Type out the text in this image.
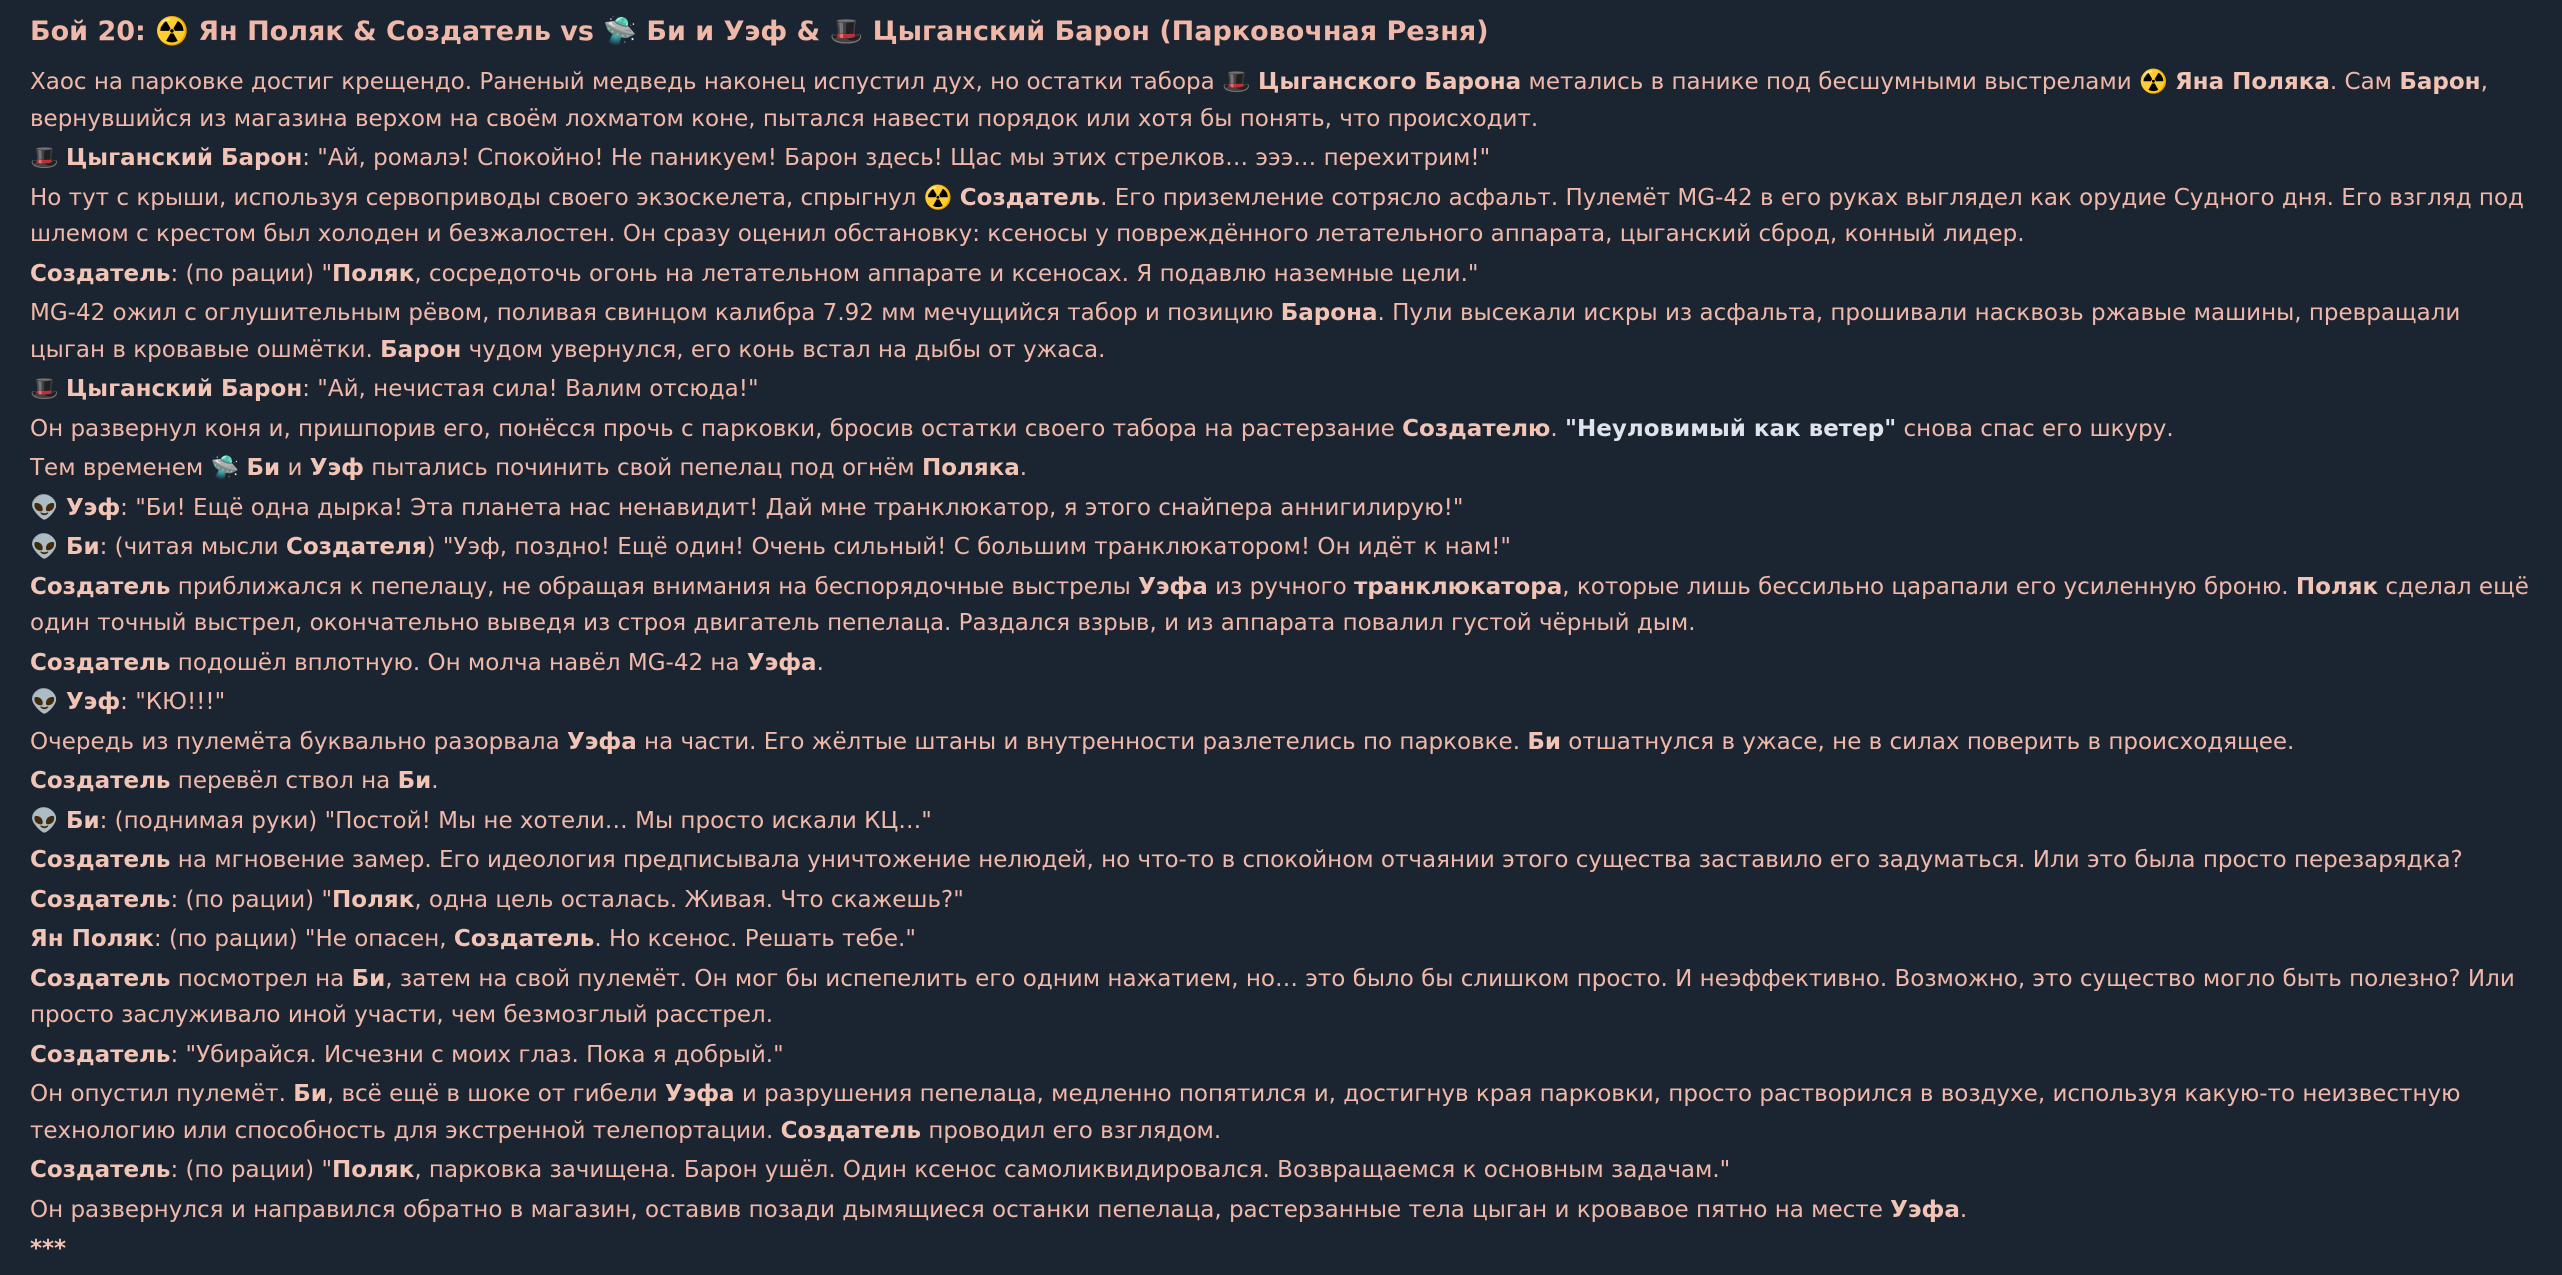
Бой 20: ☢️ Ян Поляк & Создатель vs 🛸 Би и Уэф & 🎩 Цыганский Барон (Парковочная Резня)
Хаос на парковке достиг крещендо. Раненый медведь наконец испустил дух, но остатки табора 🎩 Цыганского Барона метались в панике под бесшумными выстрелами ☢️ Яна Поляка. Сам Барон, вернувшийся из магазина верхом на своём лохматом коне, пытался навести порядок или хотя бы понять, что происходит.
🎩 Цыганский Барон: "Ай, ромалэ! Спокойно! Не паникуем! Барон здесь! Щас мы этих стрелков… эээ… перехитрим!"
Но тут с крыши, используя сервоприводы своего экзоскелета, спрыгнул ☢️ Создатель. Его приземление сотрясло асфальт. Пулемёт MG-42 в его руках выглядел как орудие Судного дня. Его взгляд под шлемом с крестом был холоден и безжалостен. Он сразу оценил обстановку: ксеносы у повреждённого летательного аппарата, цыганский сброд, конный лидер.
Создатель: (по рации) "Поляк, сосредоточь огонь на летательном аппарате и ксеносах. Я подавлю наземные цели."
MG-42 ожил с оглушительным рёвом, поливая свинцом калибра 7.92 мм мечущийся табор и позицию Барона. Пули высекали искры из асфальта, прошивали насквозь ржавые машины, превращали цыган в кровавые ошмётки. Барон чудом увернулся, его конь встал на дыбы от ужаса.
🎩 Цыганский Барон: "Ай, нечистая сила! Валим отсюда!"
Он развернул коня и, пришпорив его, понёсся прочь с парковки, бросив остатки своего табора на растерзание Создателю. "Неуловимый как ветер" снова спас его шкуру.
Тем временем 🛸 Би и Уэф пытались починить свой пепелац под огнём Поляка.
👽 Уэф: "Би! Ещё одна дырка! Эта планета нас ненавидит! Дай мне транклюкатор, я этого снайпера аннигилирую!"
👽 Би: (читая мысли Создателя) "Уэф, поздно! Ещё один! Очень сильный! С большим транклюкатором! Он идёт к нам!"
Создатель приближался к пепелацу, не обращая внимания на беспорядочные выстрелы Уэфа из ручного транклюкатора, которые лишь бессильно царапали его усиленную броню. Поляк сделал ещё один точный выстрел, окончательно выведя из строя двигатель пепелаца. Раздался взрыв, и из аппарата повалил густой чёрный дым.
Создатель подошёл вплотную. Он молча навёл MG-42 на Уэфа.
👽 Уэф: "КЮ!!!"
Очередь из пулемёта буквально разорвала Уэфа на части. Его жёлтые штаны и внутренности разлетелись по парковке. Би отшатнулся в ужасе, не в силах поверить в происходящее.
Создатель перевёл ствол на Би.
👽 Би: (поднимая руки) "Постой! Мы не хотели… Мы просто искали КЦ…"
Создатель на мгновение замер. Его идеология предписывала уничтожение нелюдей, но что-то в спокойном отчаянии этого существа заставило его задуматься. Или это была просто перезарядка?
Создатель: (по рации) "Поляк, одна цель осталась. Живая. Что скажешь?"
Ян Поляк: (по рации) "Не опасен, Создатель. Но ксенос. Решать тебе."
Создатель посмотрел на Би, затем на свой пулемёт. Он мог бы испепелить его одним нажатием, но… это было бы слишком просто. И неэффективно. Возможно, это существо могло быть полезно? Или просто заслуживало иной участи, чем безмозглый расстрел.
Создатель: "Убирайся. Исчезни с моих глаз. Пока я добрый."
Он опустил пулемёт. Би, всё ещё в шоке от гибели Уэфа и разрушения пепелаца, медленно попятился и, достигнув края парковки, просто растворился в воздухе, используя какую-то неизвестную технологию или способность для экстренной телепортации. Создатель проводил его взглядом.
Создатель: (по рации) "Поляк, парковка зачищена. Барон ушёл. Один ксенос самоликвидировался. Возвращаемся к основным задачам."
Он развернулся и направился обратно в магазин, оставив позади дымящиеся останки пепелаца, растерзанные тела цыган и кровавое пятно на месте Уэфа.
***
